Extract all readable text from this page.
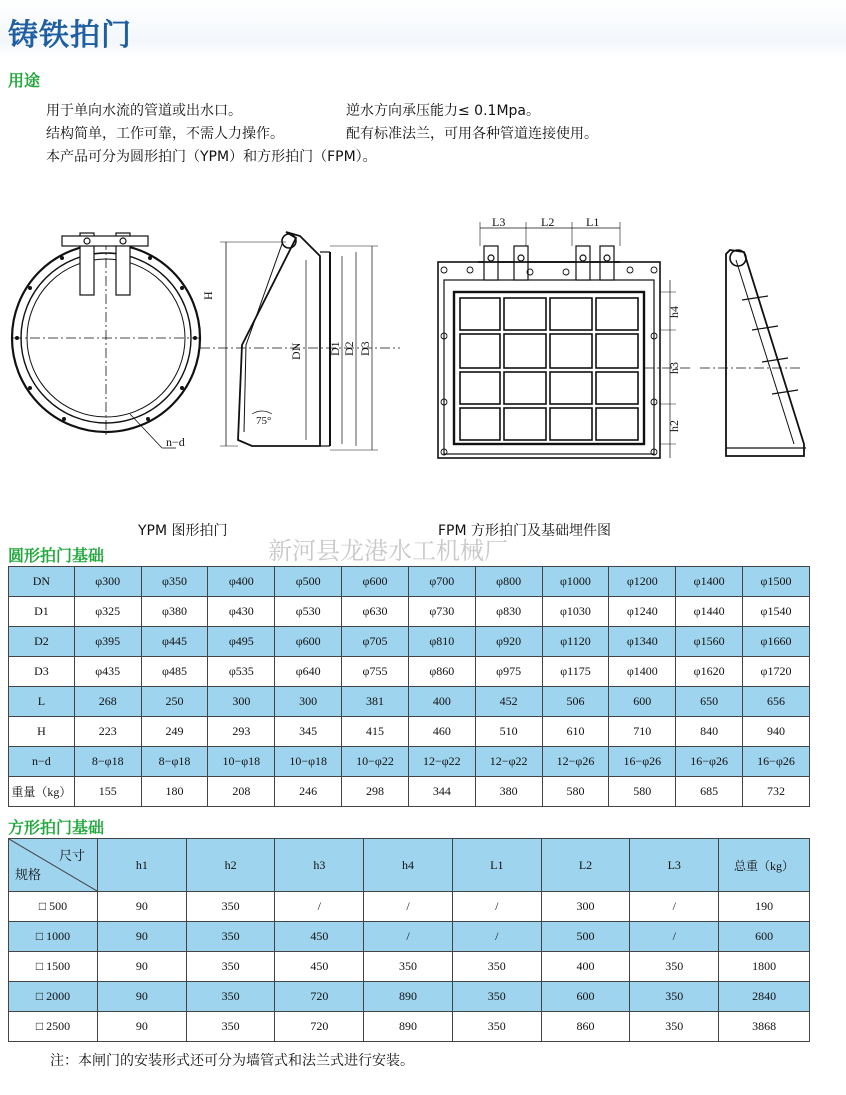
铸铁拍门
用途
用于单向水流的管道或出水口。	逆水方向承压能力≤ 0.1Mpa。
结构简单，工作可靠，不需人力操作。	配有标准法兰，可用各种管道连接使用。
本产品可分为圆形拍门（YPM）和方形拍门（FPM）。
n−d
H
DN D1 D2 D3
75°
L3	L2	L1
h4
h3
h2
YPM 图形拍门	FPM 方形拍门及基础埋件图
新河县龙港水工机械厂
圆形拍门基础
DN	φ300	φ350	φ400	φ500	φ600	φ700	φ800	φ1000	φ1200	φ1400	φ1500
D1	φ325	φ380	φ430	φ530	φ630	φ730	φ830	φ1030	φ1240	φ1440	φ1540
D2	φ395	φ445	φ495	φ600	φ705	φ810	φ920	φ1120	φ1340	φ1560	φ1660
D3	φ435	φ485	φ535	φ640	φ755	φ860	φ975	φ1175	φ1400	φ1620	φ1720
L	268	250	300	300	381	400	452	506	600	650	656
H	223	249	293	345	415	460	510	610	710	840	940
n−d	8−φ18	8−φ18	10−φ18	10−φ18	10−φ22	12−φ22	12−φ22	12−φ26	16−φ26	16−φ26	16−φ26
重量（kg）	155	180	208	246	298	344	380	580	580	685	732
方形拍门基础
尺寸
规格	h1	h2	h3	h4	L1	L2	L3	总重（kg）
□ 500	90	350	/	/	/	300	/	190
□ 1000	90	350	450	/	/	500	/	600
□ 1500	90	350	450	350	350	400	350	1800
□ 2000	90	350	720	890	350	600	350	2840
□ 2500	90	350	720	890	350	860	350	3868
注：本闸门的安装形式还可分为墙管式和法兰式进行安装。
